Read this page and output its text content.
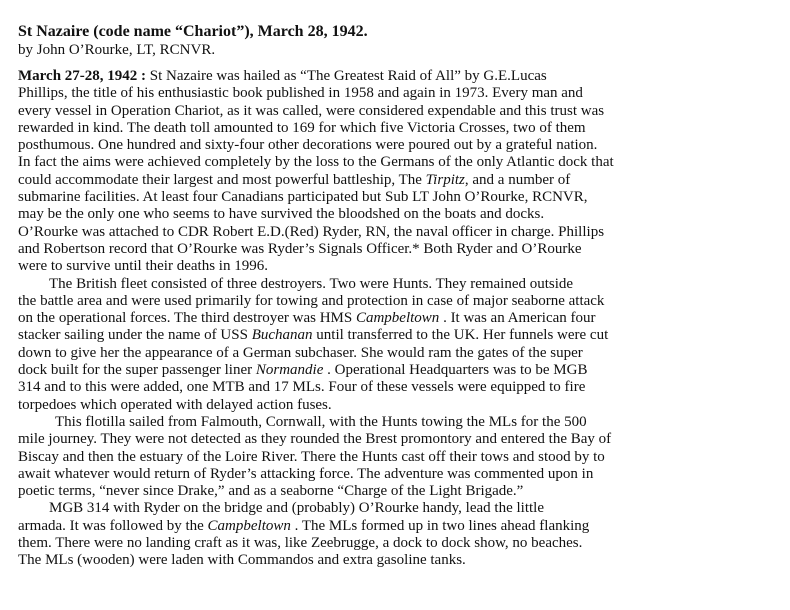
St Nazaire (code name “Chariot”), March 28, 1942.

by John O’Rourke, LT, RCNVR.

March 27-28, 1942 : St Nazaire was hailed as “The Greatest Raid of All” by G.E.Lucas
Phillips, the title of his enthusiastic book published in 1958 and again in 1973. Every man and
every vessel in Operation Chariot, as it was called, were considered expendable and this trust was
rewarded in kind. The death toll amounted to 169 for which five Victoria Crosses, two of them
posthumous. One hundred and sixty-four other decorations were poured out by a grateful nation.
In fact the aims were achieved completely by the loss to the Germans of the only Atlantic dock that
could accommodate their largest and most powerful battleship, The Tirpitz, and a number of
submarine facilities. At least four Canadians participated but Sub LT John O’Rourke, RCNVR,
may be the only one who seems to have survived the bloodshed on the boats and docks.
O’Rourke was attached to CDR Robert E.D.(Red) Ryder, RN, the naval officer in charge. Phillips
and Robertson record that O’Rourke was Ryder’s Signals Officer.* Both Ryder and O’Rourke
were to survive until their deaths in 1996.
The British fleet consisted of three destroyers. Two were Hunts. They remained outside
the battle area and were used primarily for towing and protection in case of major seaborne attack
on the operational forces. The third destroyer was HMS Campbeltown . It was an American four
stacker sailing under the name of USS Buchanan until transferred to the UK. Her funnels were cut
down to give her the appearance of a German subchaser. She would ram the gates of the super
dock built for the super passenger liner Normandie . Operational Headquarters was to be MGB
314 and to this were added, one MTB and 17 MLs. Four of these vessels were equipped to fire
torpedoes which operated with delayed action fuses.
This flotilla sailed from Falmouth, Cornwall, with the Hunts towing the MLs for the 500
mile journey. They were not detected as they rounded the Brest promontory and entered the Bay of
Biscay and then the estuary of the Loire River. There the Hunts cast off their tows and stood by to
await whatever would return of Ryder’s attacking force. The adventure was commented upon in
poetic terms, “never since Drake,” and as a seaborne “Charge of the Light Brigade.”
MGB 314 with Ryder on the bridge and (probably) O’Rourke handy, lead the little
armada. It was followed by the Campbeltown . The MLs formed up in two lines ahead flanking
them. There were no landing craft as it was, like Zeebrugge, a dock to dock show, no beaches.
The MLs (wooden) were laden with Commandos and extra gasoline tanks.
